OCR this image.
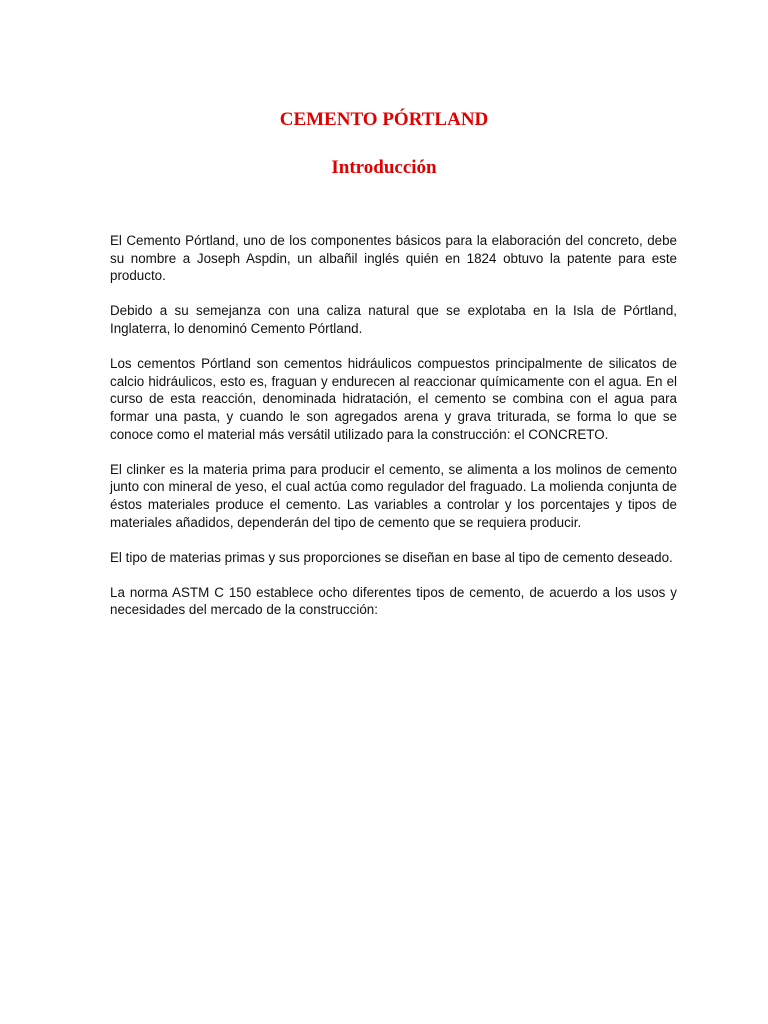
CEMENTO PÓRTLAND
Introducción

El Cemento Pórtland, uno de los componentes básicos para la elaboración del concreto, debe su nombre a Joseph Aspdin, un albañil inglés quién en 1824 obtuvo la patente para este producto.

Debido a su semejanza con una caliza natural que se explotaba en la Isla de Pórtland, Inglaterra, lo denominó Cemento Pórtland.

Los cementos Pórtland son cementos hidráulicos compuestos principalmente de silicatos de calcio hidráulicos, esto es, fraguan y endurecen al reaccionar químicamente con el agua. En el curso de esta reacción, denominada hidratación, el cemento se combina con el agua para formar una pasta, y cuando le son agregados arena y grava triturada, se forma lo que se conoce como el material más versátil utilizado para la construcción: el CONCRETO.

El clinker es la materia prima para producir el cemento, se alimenta a los molinos de cemento junto con mineral de yeso, el cual actúa como regulador del fraguado. La molienda conjunta de éstos materiales produce el cemento. Las variables a controlar y los porcentajes y tipos de materiales añadidos, dependerán del tipo de cemento que se requiera producir.

El tipo de materias primas y sus proporciones se diseñan en base al tipo de cemento deseado.

La norma ASTM C 150 establece ocho diferentes tipos de cemento, de acuerdo a los usos y necesidades del mercado de la construcción:
